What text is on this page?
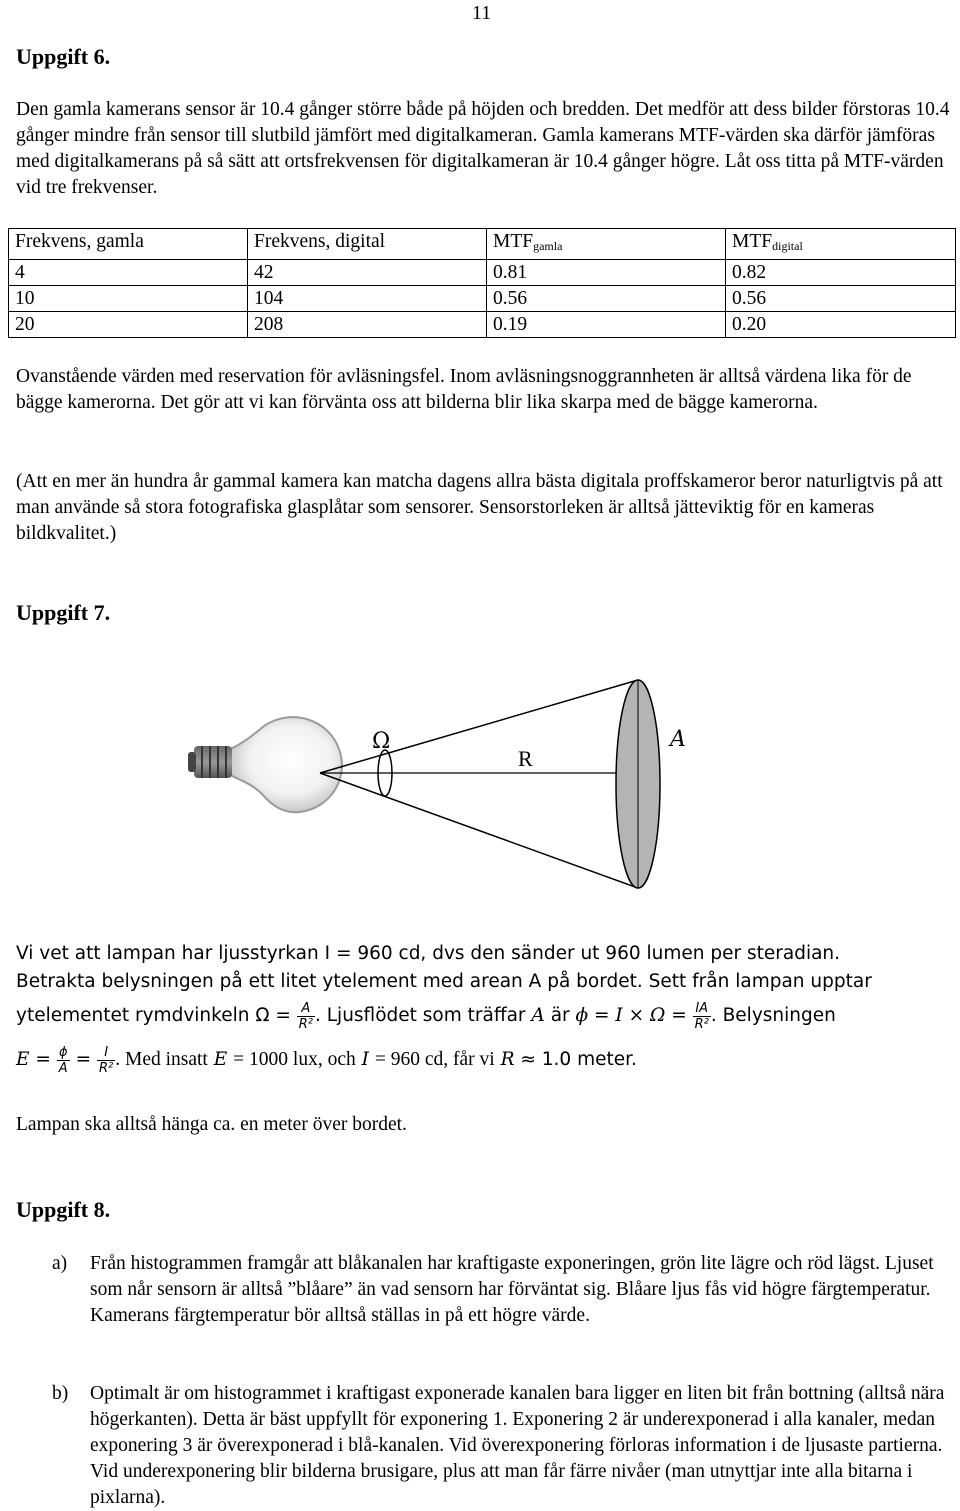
11
Uppgift 6.

Den gamla kamerans sensor är 10.4 gånger större både på höjden och bredden. Det medför att dess bilder förstoras 10.4 gånger mindre från sensor till slutbild jämfört med digitalkameran. Gamla kamerans MTF-värden ska därför jämföras med digitalkamerans på så sätt att ortsfrekvensen för digitalkameran är 10.4 gånger högre. Låt oss titta på MTF-värden vid tre frekvenser.

Frekvens, gamla	Frekvens, digital	$MTF_{gamla}$	$MTF_{digital}$
4	42	0.81	0.82
10	104	0.56	0.56
20	208	0.19	0.20

Ovanstående värden med reservation för avläsningsfel. Inom avläsningsnoggrannheten är alltså värdena lika för de bägge kamerorna. Det gör att vi kan förvänta oss att bilderna blir lika skarpa med de bägge kamerorna.

(Att en mer än hundra år gammal kamera kan matcha dagens allra bästa digitala proffskameror beror naturligtvis på att man använde så stora fotografiska glasplåtar som sensorer. Sensorstorleken är alltså jätteviktig för en kameras bildkvalitet.)

Uppgift 7.
Ω
R
A

Vi vet att lampan har ljusstyrkan I = 960 cd, dvs den sänder ut 960 lumen per steradian.

Betrakta belysningen på ett litet ytelement med arean A på bordet. Sett från lampan upptar

ytelementet rymdvinkeln $\Omega = \frac{A}{\text{R²}}$ . Ljusflödet som träffar A är $\phi = I \times \Omega = \frac{IA}{\text{R²}}$ . Belysningen
$E = \frac{\phi}{A} = \frac{I}{\text{R²}}$ . Med insatt E = 1000 lux, och I = 960 cd, får vi R ≈ 1.0 meter.

Lampan ska alltså hänga ca. en meter över bordet.

Uppgift 8.
a) Från histogrammen framgår att blåkanalen har kraftigaste exponeringen, grön lite lägre och röd lägst. Ljuset som når sensorn är alltså ”blåare” än vad sensorn har förväntat sig. Blåare ljus fås vid högre färgtemperatur. Kamerans färgtemperatur bör alltså ställas in på ett högre värde.
b) Optimalt är om histogrammet i kraftigast exponerade kanalen bara ligger en liten bit från bottning (alltså nära högerkanten). Detta är bäst uppfyllt för exponering 1. Exponering 2 är underexponerad i alla kanaler, medan exponering 3 är överexponerad i blå-kanalen. Vid överexponering förloras information i de ljusaste partierna. Vid underexponering blir bilderna brusigare, plus att man får färre nivåer (man utnyttjar inte alla bitarna i pixlarna).
